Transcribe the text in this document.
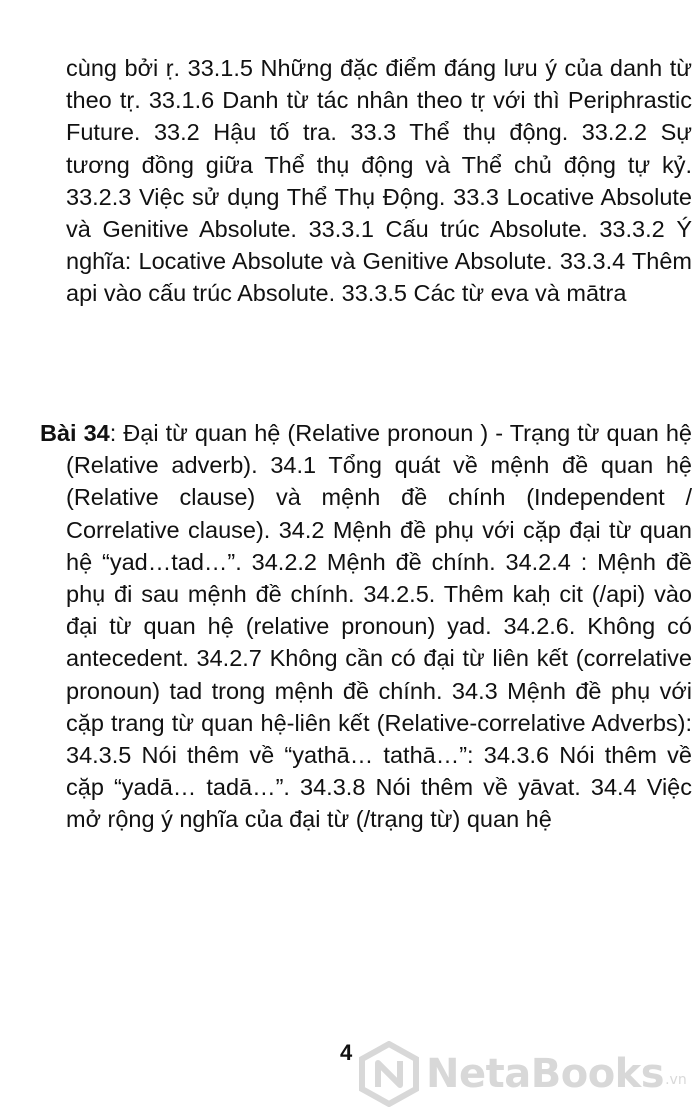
cùng bởi ṛ. 33.1.5 Những đặc điểm đáng lưu ý của danh từ theo tṛ. 33.1.6 Danh từ tác nhân theo tṛ với thì Periphrastic Future. 33.2 Hậu tố tra. 33.3 Thể thụ động. 33.2.2 Sự tương đồng giữa Thể thụ động và Thể chủ động tự kỷ. 33.2.3 Việc sử dụng Thể Thụ Động. 33.3 Locative Absolute và Genitive Absolute. 33.3.1 Cấu trúc Absolute. 33.3.2 Ý nghĩa: Locative Absolute và Genitive Absolute. 33.3.4 Thêm api vào cấu trúc Absolute. 33.3.5 Các từ eva và mātra

Bài 34: Đại từ quan hệ (Relative pronoun ) - Trạng từ quan hệ (Relative adverb). 34.1 Tổng quát về mệnh đề quan hệ (Relative clause) và mệnh đề chính (Independent / Correlative clause). 34.2 Mệnh đề phụ với cặp đại từ quan hệ “yad…tad…”. 34.2.2 Mệnh đề chính. 34.2.4 : Mệnh đề phụ đi sau mệnh đề chính. 34.2.5. Thêm kaḥ cit (/api) vào đại từ quan hệ (relative pronoun) yad. 34.2.6. Không có antecedent. 34.2.7 Không cần có đại từ liên kết (correlative pronoun) tad trong mệnh đề chính. 34.3 Mệnh đề phụ với cặp trang từ quan hệ-liên kết (Relative-correlative Adverbs): 34.3.5 Nói thêm về “yathā… tathā…”: 34.3.6 Nói thêm về cặp “yadā… tadā…”. 34.3.8 Nói thêm về yāvat. 34.4 Việc mở rộng ý nghĩa của đại từ (/trạng từ) quan hệ

4 NetaBooks .vn
